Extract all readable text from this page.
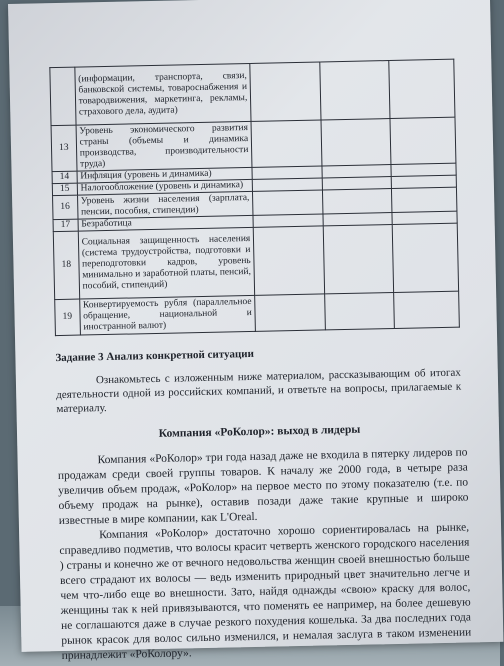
	(информации, транспорта, связи, банковской системы, товароснабжения и товародвижения, маркетинга, рекламы, страхового дела, аудита)			
13	Уровень экономического развития страны (объемы и динамика производства, производительности труда)			
14	Инфляция (уровень и динамика)			
15	Налогообложение (уровень и динамика)			
16	Уровень жизни населения (зарплата, пенсии, пособия, стипендии)			
17	Безработица			
18	Социальная защищенность населения (система трудоустройства, подготовки и переподготовки кадров, уровень минимально и заработной платы, пенсий, пособий, стипендий)			
19	Конвертируемость рубля (параллельное обращение, национальной и иностранной валют)			
Задание 3 Анализ конкретной ситуации
Ознакомьтесь с изложенным ниже материалом, рассказывающим об итогах деятельности одной из российских компаний, и ответьте на вопросы, прилагаемые к материалу.
Компания «РоКолор»: выход в лидеры
Компания «РоКолор» три года назад даже не входила в пятерку лидеров по продажам среди своей группы товаров. К началу же 2000 года, в четыре раза увеличив объем продаж, «РоКолор» на первое место по этому показателю (т.е. по объему продаж на рынке), оставив позади даже такие крупные и широко известные в мире компании, как L'Oreal.
Компания «РоКолор» достаточно хорошо сориентировалась на рынке, справедливо подметив, что волосы красит четверть женского городского населения ) страны и конечно же от вечного недовольства женщин своей внешностью больше всего страдают их волосы — ведь изменить природный цвет значительно легче и чем что-либо еще во внешности. Зато, найдя однажды «свою» краску для волос, женщины так к ней привязываются, что поменять ее например, на более дешевую не соглашаются даже в случае резкого похудения кошелька. За два последних года рынок красок для волос сильно изменился, и немалая заслуга в таком изменении принадлежит «РоКолору».
